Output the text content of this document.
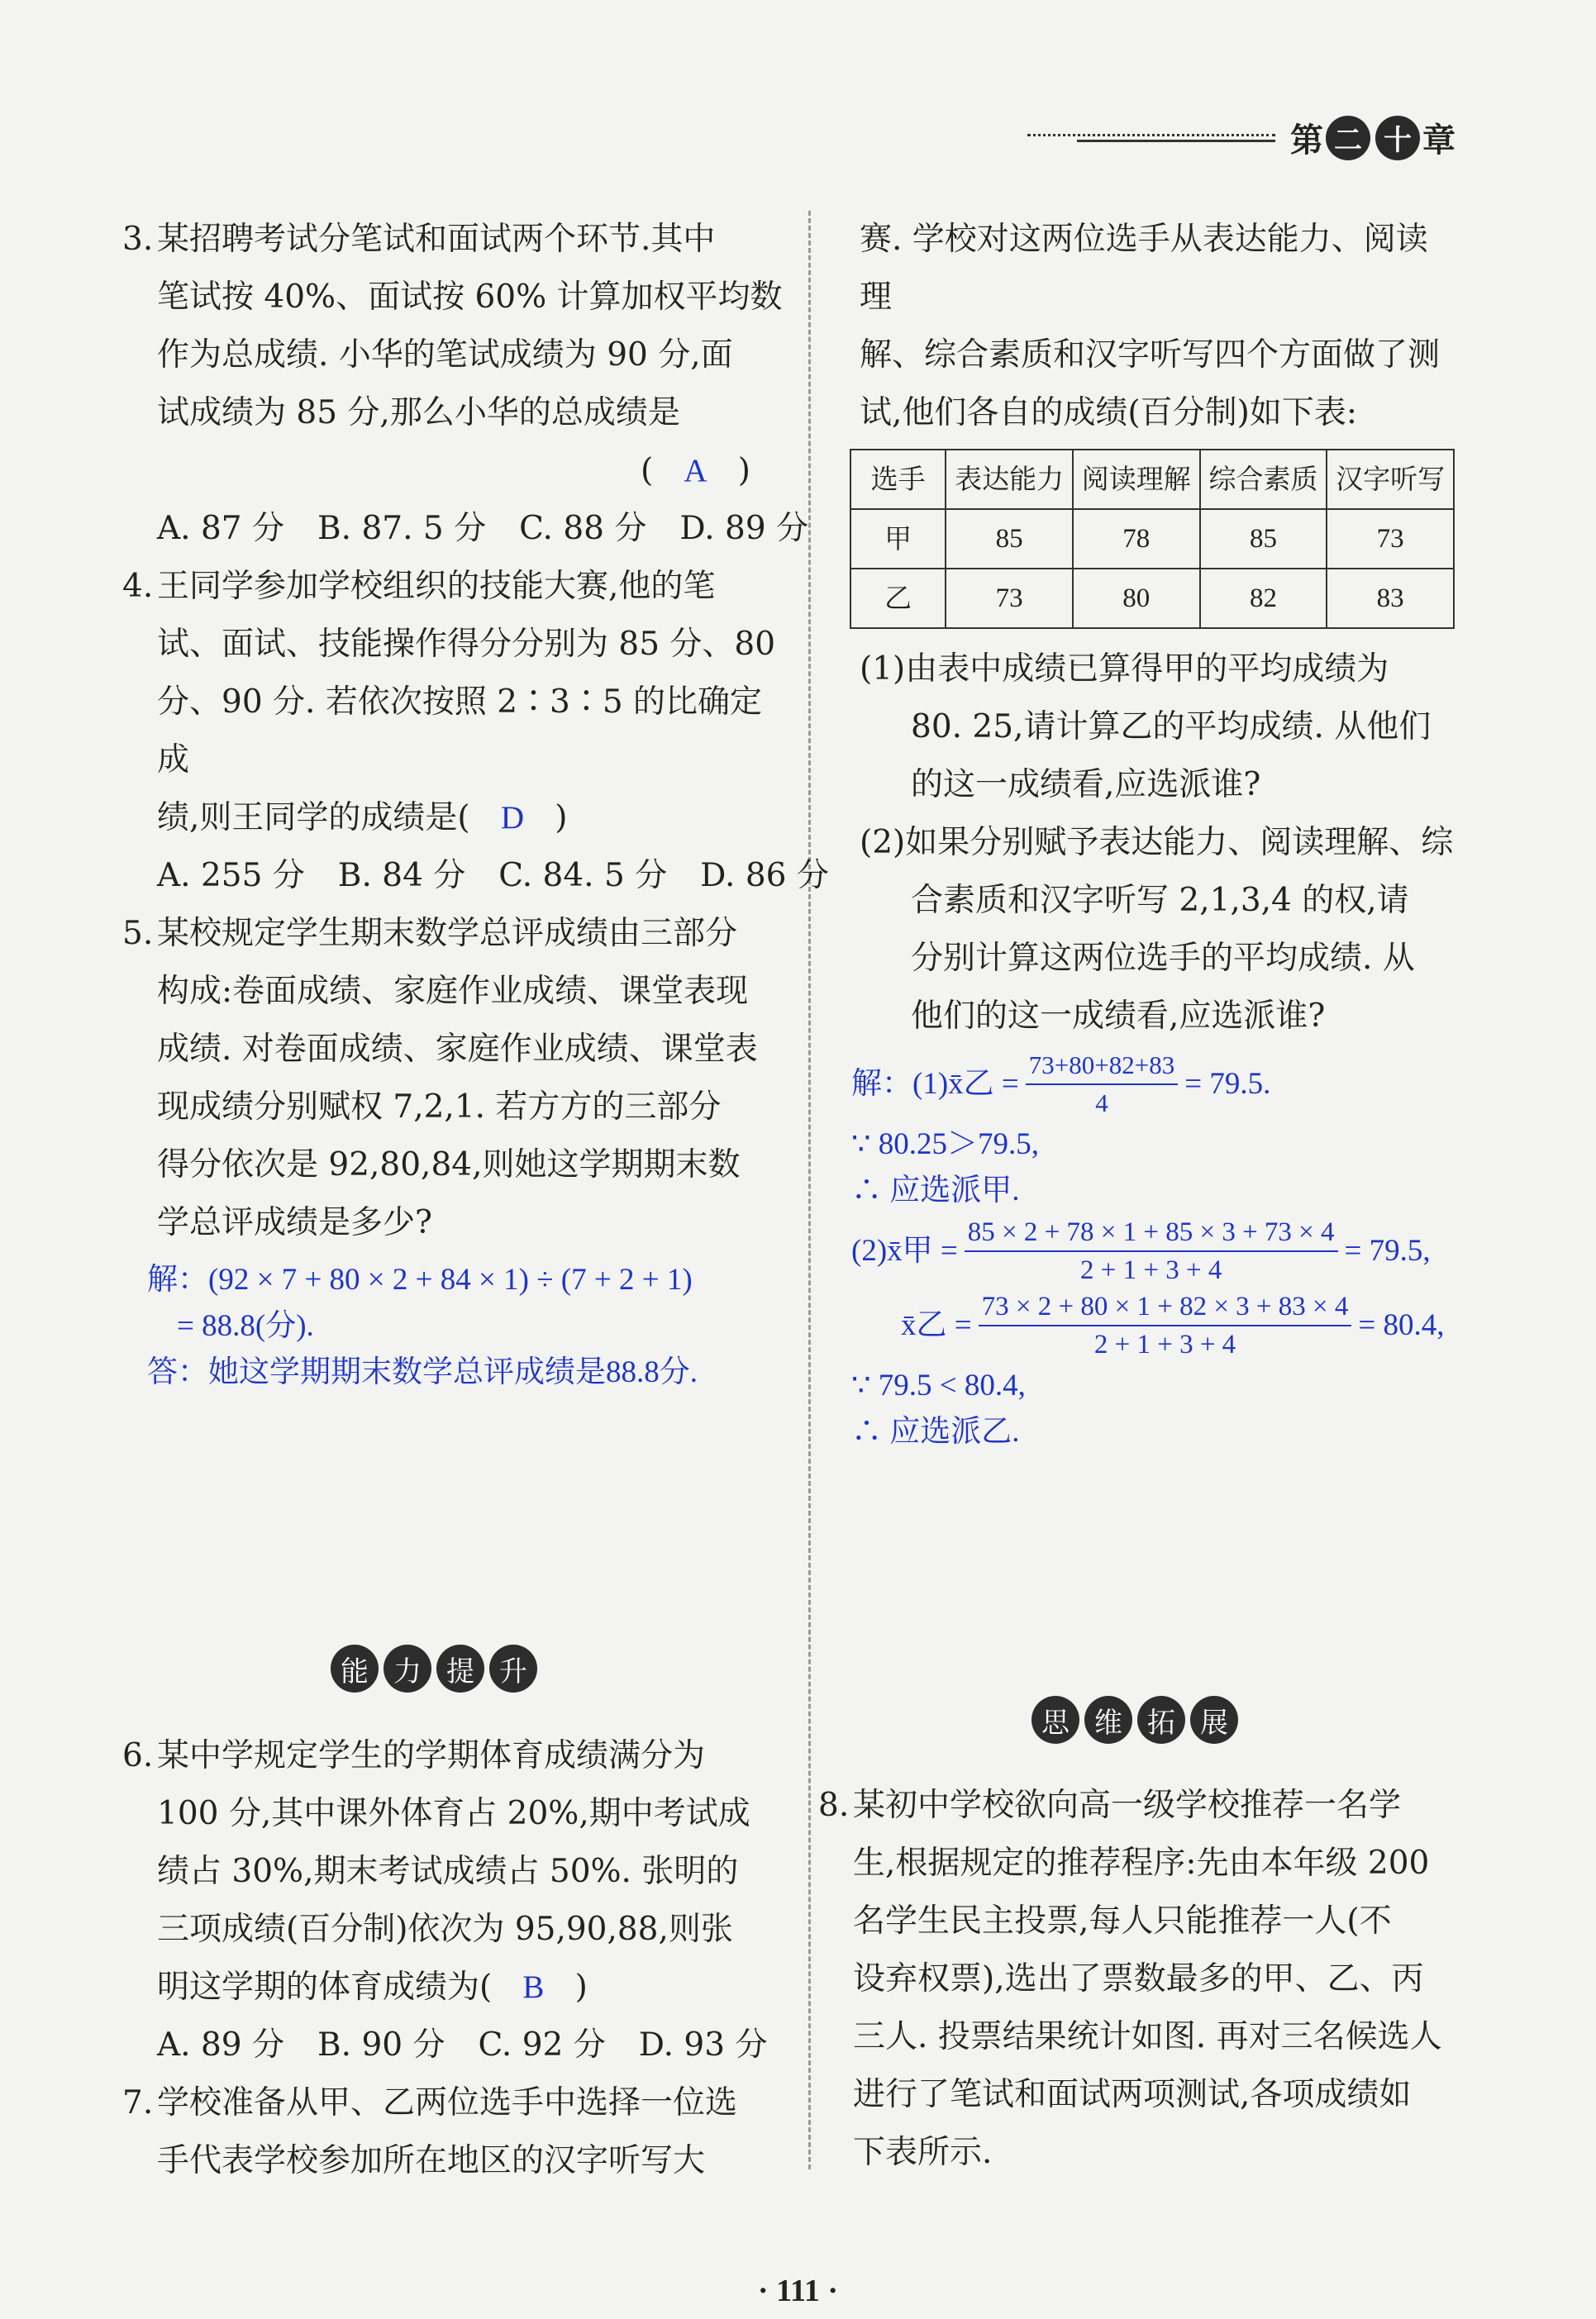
第 二 十 章
3. 某招聘考试分笔试和面试两个环节.其中
笔试按 40%、面试按 60% 计算加权平均数
作为总成绩. 小华的笔试成绩为 90 分,面
试成绩为 85 分,那么小华的总成绩是
( A )
A. 87 分 B. 87. 5 分 C. 88 分 D. 89 分
4. 王同学参加学校组织的技能大赛,他的笔
试、面试、技能操作得分分别为 85 分、80
分、90 分. 若依次按照 2∶3∶5 的比确定成
绩,则王同学的成绩是( D )
A. 255 分 B. 84 分 C. 84. 5 分 D. 86 分
5. 某校规定学生期末数学总评成绩由三部分
构成:卷面成绩、家庭作业成绩、课堂表现
成绩. 对卷面成绩、家庭作业成绩、课堂表
现成绩分别赋权 7,2,1. 若方方的三部分
得分依次是 92,80,84,则她这学期期末数
学总评成绩是多少?
解：(92 × 7 + 80 × 2 + 84 × 1) ÷ (7 + 2 + 1)
= 88.8(分).
答：她这学期期末数学总评成绩是88.8分.
能 力 提 升
6. 某中学规定学生的学期体育成绩满分为
100 分,其中课外体育占 20%,期中考试成
绩占 30%,期末考试成绩占 50%. 张明的
三项成绩(百分制)依次为 95,90,88,则张
明这学期的体育成绩为( B )
A. 89 分 B. 90 分 C. 92 分 D. 93 分
7. 学校准备从甲、乙两位选手中选择一位选
手代表学校参加所在地区的汉字听写大
赛. 学校对这两位选手从表达能力、阅读理
解、综合素质和汉字听写四个方面做了测
试,他们各自的成绩(百分制)如下表:
选手	表达能力	阅读理解	综合素质	汉字听写
甲	85	78	85	73
乙	73	80	82	83
(1)由表中成绩已算得甲的平均成绩为
80. 25,请计算乙的平均成绩. 从他们
的这一成绩看,应选派谁?
(2)如果分别赋予表达能力、阅读理解、综
合素质和汉字听写 2,1,3,4 的权,请
分别计算这两位选手的平均成绩. 从
他们的这一成绩看,应选派谁?
解：(1)x̄乙 = $\frac{73+80+82+83}{4} = 79.5$.
∵ 80.25＞79.5,
∴ 应选派甲.
(2)x̄甲 = $\frac{85 \times 2 + 78 \times 1 + 85 \times 3 + 73 \times 4}{2 + 1 + 3 + 4} = 79.5$,
x̄乙 = $\frac{73 \times 2 + 80 \times 1 + 82 \times 3 + 83 \times 4}{2 + 1 + 3 + 4} = 80.4$,
∵ 79.5 < 80.4,
∴ 应选派乙.
思 维 拓 展
8. 某初中学校欲向高一级学校推荐一名学
生,根据规定的推荐程序:先由本年级 200
名学生民主投票,每人只能推荐一人(不
设弃权票),选出了票数最多的甲、乙、丙
三人. 投票结果统计如图. 再对三名候选人
进行了笔试和面试两项测试,各项成绩如
下表所示.
· 111 ·
